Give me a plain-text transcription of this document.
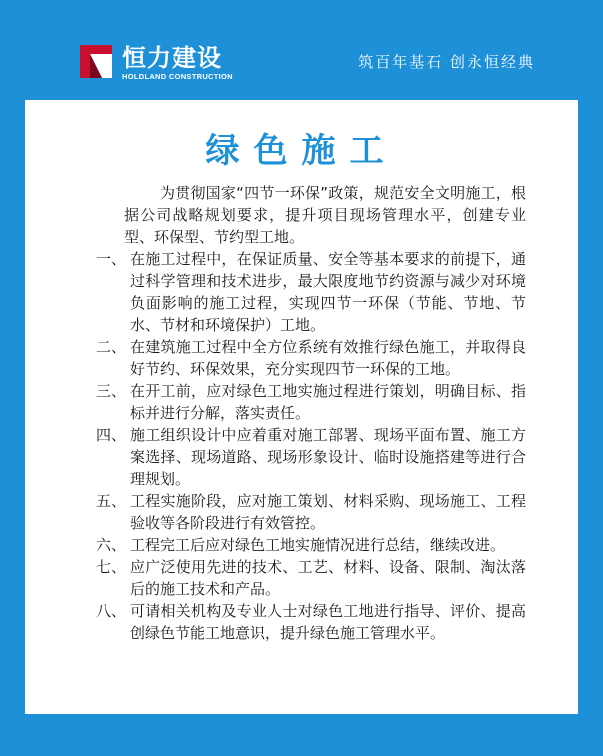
恒力建设
HOLDLAND CONSTRUCTION
筑百年基石 创永恒经典
绿色施工

为贯彻国家“四节一环保”政策，规范安全文明施工，根据公司战略规划要求，提升项目现场管理水平，创建专业型、环保型、节约型工地。

一、 在施工过程中，在保证质量、安全等基本要求的前提下，通过科学管理和技术进步，最大限度地节约资源与减少对环境负面影响的施工过程，实现四节一环保（节能、节地、节水、节材和环境保护）工地。
二、 在建筑施工过程中全方位系统有效推行绿色施工，并取得良好节约、环保效果，充分实现四节一环保的工地。
三、 在开工前，应对绿色工地实施过程进行策划，明确目标、指标并进行分解，落实责任。
四、 施工组织设计中应着重对施工部署、现场平面布置、施工方案选择、现场道路、现场形象设计、临时设施搭建等进行合理规划。
五、 工程实施阶段，应对施工策划、材料采购、现场施工、工程验收等各阶段进行有效管控。
六、 工程完工后应对绿色工地实施情况进行总结，继续改进。
七、 应广泛使用先进的技术、工艺、材料、设备、限制、淘汰落后的施工技术和产品。
八、 可请相关机构及专业人士对绿色工地进行指导、评价、提高创绿色节能工地意识，提升绿色施工管理水平。
